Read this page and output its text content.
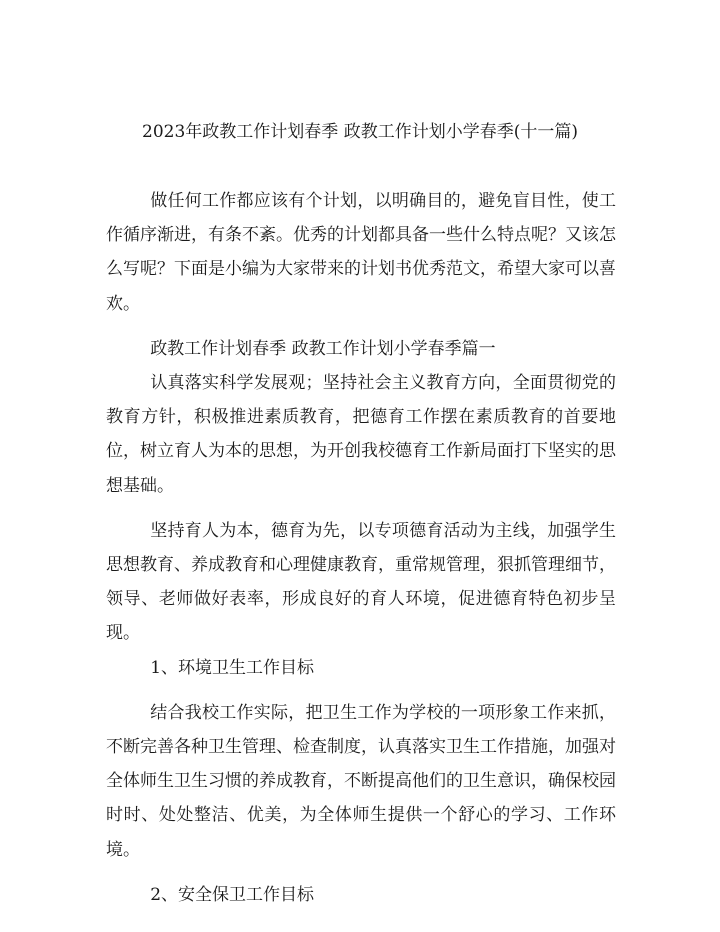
2023年政教工作计划春季 政教工作计划小学春季(十一篇)

做任何工作都应该有个计划，以明确目的，避免盲目性，使工作循序渐进，有条不紊。优秀的计划都具备一些什么特点呢？又该怎么写呢？下面是小编为大家带来的计划书优秀范文，希望大家可以喜欢。

政教工作计划春季 政教工作计划小学春季篇一

认真落实科学发展观；坚持社会主义教育方向，全面贯彻党的教育方针，积极推进素质教育，把德育工作摆在素质教育的首要地位，树立育人为本的思想，为开创我校德育工作新局面打下坚实的思想基础。

坚持育人为本，德育为先，以专项德育活动为主线，加强学生思想教育、养成教育和心理健康教育，重常规管理，狠抓管理细节，领导、老师做好表率，形成良好的育人环境，促进德育特色初步呈现。

1、环境卫生工作目标

结合我校工作实际，把卫生工作为学校的一项形象工作来抓，不断完善各种卫生管理、检查制度，认真落实卫生工作措施，加强对全体师生卫生习惯的养成教育，不断提高他们的卫生意识，确保校园时时、处处整洁、优美，为全体师生提供一个舒心的学习、工作环境。

2、安全保卫工作目标
